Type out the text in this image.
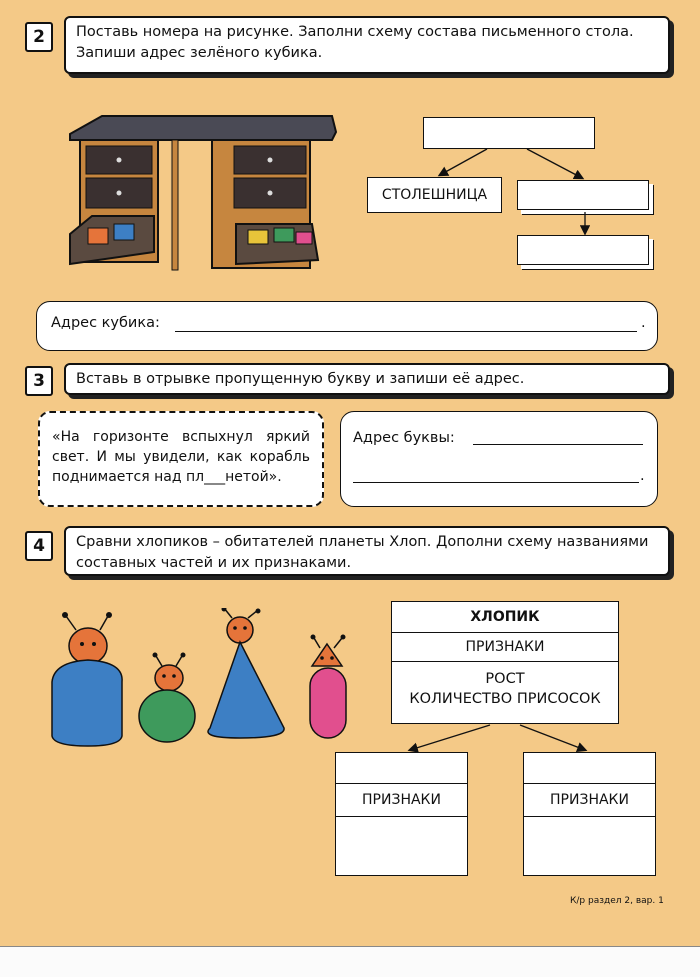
2	Поставь номера на рисунке. Заполни схему состава письменного стола. Запиши адрес зелёного кубика.
СТОЛЕШНИЦА
Адрес кубика:	.
3	Вставь в отрывке пропущенную букву и запиши её адрес.
«На горизонте вспыхнул яркий свет. И мы увидели, как корабль поднимается над пл___нетой».
Адрес буквы:
.
4	Сравни хлопиков – обитателей планеты Хлоп. Дополни схему названиями составных частей и их признаками.
ХЛОПИК
ПРИЗНАКИ
РОСТ
КОЛИЧЕСТВО ПРИСОСОК
ПРИЗНАКИ	ПРИЗНАКИ
К/р раздел 2, вар. 1
